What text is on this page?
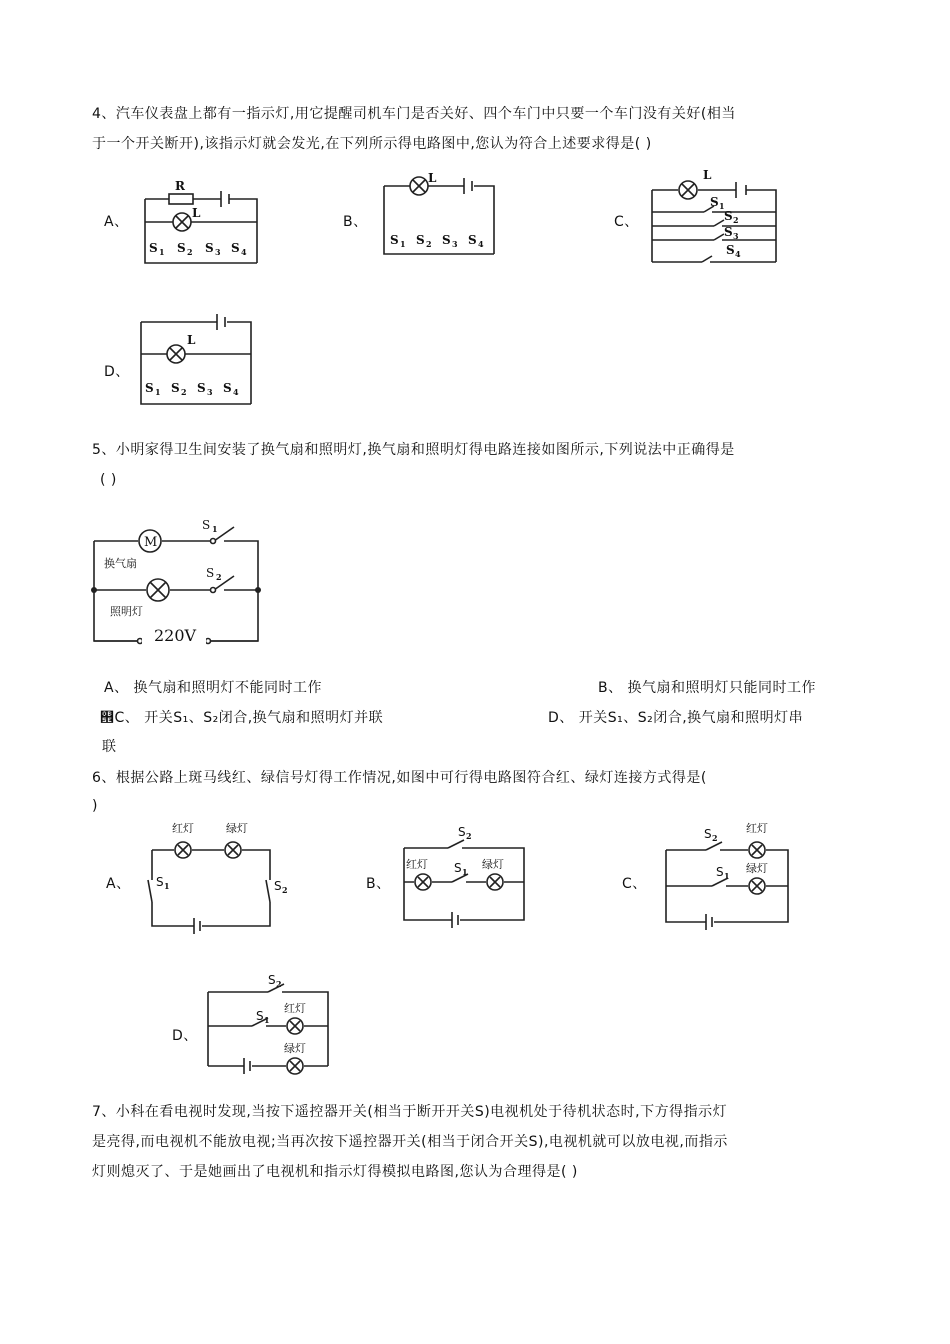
4、汽车仪表盘上都有一指示灯,用它提醒司机车门是否关好、四个车门中只要一个车门没有关好(相当
于一个开关断开),该指示灯就会发光,在下列所示得电路图中,您认为符合上述要求得是( )
A、
R
L
S 1 S 2 S 3 S 4
B、
L
S 1 S 2 S 3 S 4
C、
L
S 1
S 2
S 3
S 4
D、
L
S 1 S 2 S 3 S 4
5、小明家得卫生间安装了换气扇和照明灯,换气扇和照明灯得电路连接如图所示,下列说法中正确得是
( )
M
S 1
换气扇
S 2
照明灯
220V
A、 换气扇和照明灯不能同时工作	B、 换气扇和照明灯只能同时工作
୞C、 开关S₁、S₂闭合,换气扇和照明灯并联	D、 开关S₁、S₂闭合,换气扇和照明灯串
联
6、根据公路上斑马线红、绿信号灯得工作情况,如图中可行得电路图符合红、绿灯连接方式得是(
)
A、
红灯	绿灯
S 1	S 2	B、
S 2
红灯	绿灯
S 1
C、
S 2
红灯
S 1
绿灯
D、
S 2
S 1
红灯
绿灯
7、小科在看电视时发现,当按下遥控器开关(相当于断开开关S)电视机处于待机状态时,下方得指示灯
是亮得,而电视机不能放电视;当再次按下遥控器开关(相当于闭合开关S),电视机就可以放电视,而指示
灯则熄灭了、于是她画出了电视机和指示灯得模拟电路图,您认为合理得是( )
